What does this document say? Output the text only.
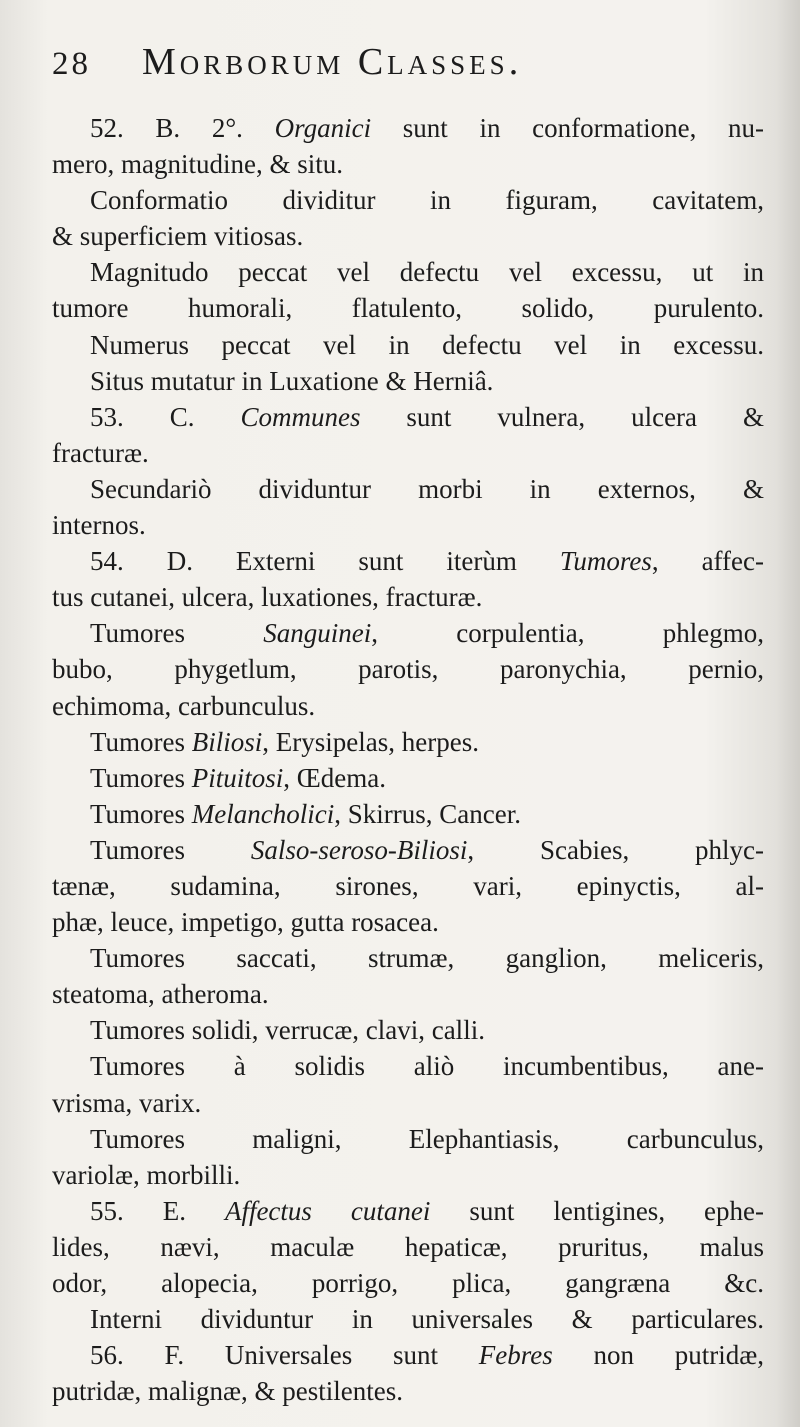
28	Morborum Classes.
52. B. 2°. Organici sunt in conformatione, nu-
mero, magnitudine, & situ.
Conformatio dividitur in figuram, cavitatem,
& superficiem vitiosas.
Magnitudo peccat vel defectu vel excessu, ut in
tumore humorali, flatulento, solido, purulento.
Numerus peccat vel in defectu vel in excessu.
Situs mutatur in Luxatione & Herniâ.
53. C. Communes sunt vulnera, ulcera &
fracturæ.
Secundariò dividuntur morbi in externos, &
internos.
54. D. Externi sunt iterùm Tumores, affec-
tus cutanei, ulcera, luxationes, fracturæ.
Tumores Sanguinei, corpulentia, phlegmo,
bubo, phygetlum, parotis, paronychia, pernio,
echimoma, carbunculus.
Tumores Biliosi, Erysipelas, herpes.
Tumores Pituitosi, Œdema.
Tumores Melancholici, Skirrus, Cancer.
Tumores Salso-seroso-Biliosi, Scabies, phlyc-
tænæ, sudamina, sirones, vari, epinyctis, al-
phæ, leuce, impetigo, gutta rosacea.
Tumores saccati, strumæ, ganglion, meliceris,
steatoma, atheroma.
Tumores solidi, verrucæ, clavi, calli.
Tumores à solidis aliò incumbentibus, ane-
vrisma, varix.
Tumores maligni, Elephantiasis, carbunculus,
variolæ, morbilli.
55. E. Affectus cutanei sunt lentigines, ephe-
lides, nævi, maculæ hepaticæ, pruritus, malus
odor, alopecia, porrigo, plica, gangræna &c.
Interni dividuntur in universales & particulares.
56. F. Universales sunt Febres non putridæ,
putridæ, malignæ, & pestilentes.
